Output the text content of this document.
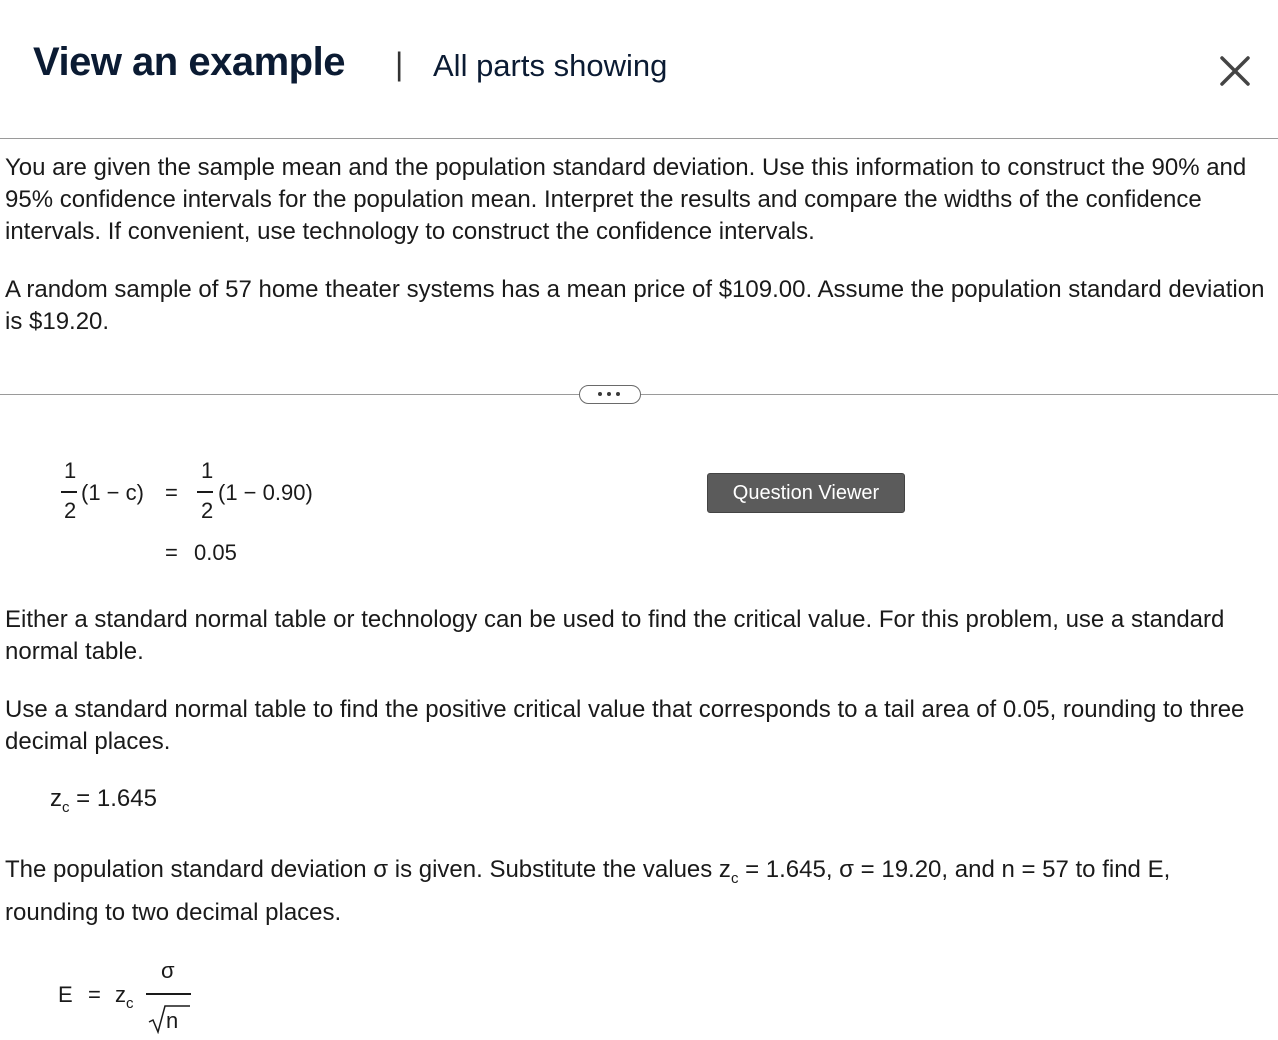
View an example | All parts showing
You are given the sample mean and the population standard deviation. Use this information to construct the 90% and 95% confidence intervals for the population mean. Interpret the results and compare the widths of the confidence intervals. If convenient, use technology to construct the confidence intervals.
A random sample of 57 home theater systems has a mean price of $109.00. Assume the population standard deviation is $19.20.
1
2
(1 − c) =
1
2
(1 − 0.90)
= 0.05
Question Viewer
Either a standard normal table or technology can be used to find the critical value. For this problem, use a standard normal table.
Use a standard normal table to find the positive critical value that corresponds to a tail area of 0.05, rounding to three decimal places.
$z_c = 1.645$
The population standard deviation σ is given. Substitute the values $z_c = 1.645$, σ = 19.20, and n = 57 to find E,
rounding to two decimal places.
$E = z_c$
σ
n
